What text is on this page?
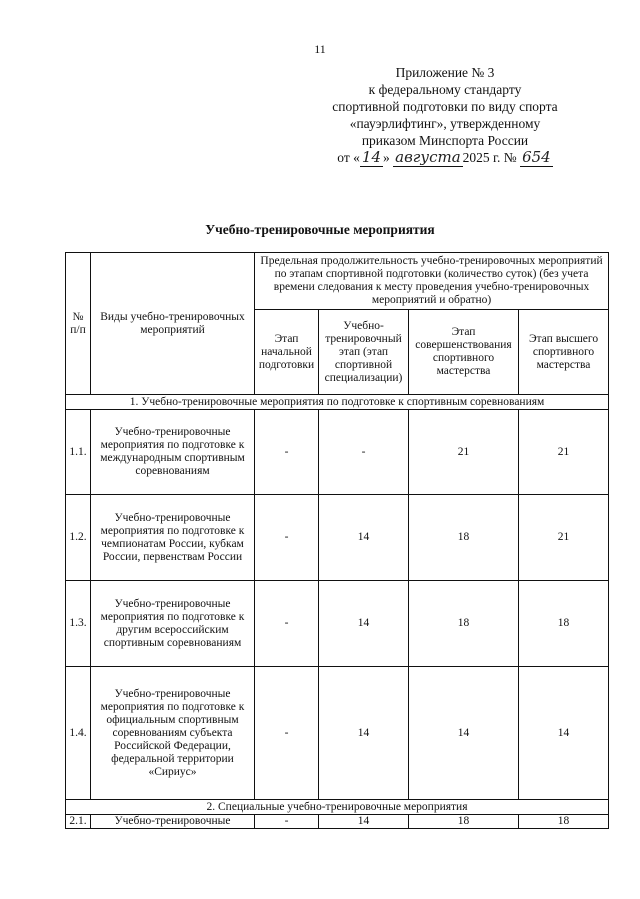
11
Приложение № 3
к федеральному стандарту
спортивной подготовки по виду спорта
«пауэрлифтинг», утвержденному
приказом Минспорта России
от « 14 » августа 2025 г. № 654
Учебно-тренировочные мероприятия
№ п/п	Виды учебно-тренировочных мероприятий	Предельная продолжительность учебно-тренировочных мероприятий по этапам спортивной подготовки (количество суток) (без учета времени следования к месту проведения учебно-тренировочных мероприятий и обратно)			
		Этап начальной подготовки	Учебно-тренировочный этап (этап спортивной специализации)	Этап совершенствования спортивного мастерства	Этап высшего спортивного мастерства
1. Учебно-тренировочные мероприятия по подготовке к спортивным соревнованиям					
1.1.	Учебно-тренировочные мероприятия по подготовке к международным спортивным соревнованиям	-	-	21	21
1.2.	Учебно-тренировочные мероприятия по подготовке к чемпионатам России, кубкам России, первенствам России	-	14	18	21
1.3.	Учебно-тренировочные мероприятия по подготовке к другим всероссийским спортивным соревнованиям	-	14	18	18
1.4.	Учебно-тренировочные мероприятия по подготовке к официальным спортивным соревнованиям субъекта Российской Федерации, федеральной территории «Сириус»	-	14	14	14
2. Специальные учебно-тренировочные мероприятия					
2.1.	Учебно-тренировочные	-	14	18	18
